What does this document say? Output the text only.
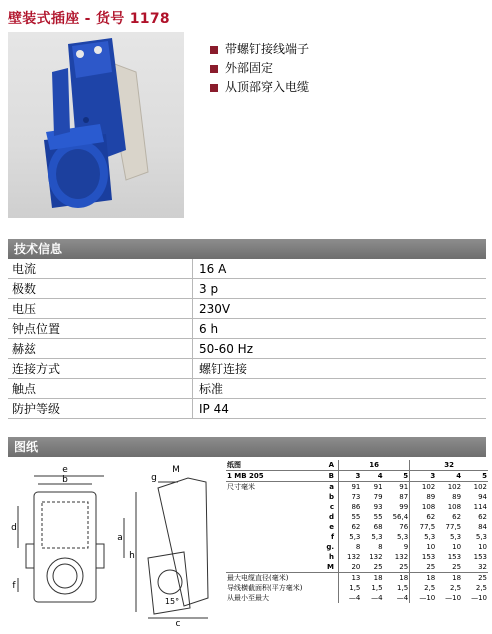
壁装式插座 - 货号 1178
带螺钉接线端子
外部固定
从顶部穿入电缆
技术信息
电流	16 A
极数	3 p
电压	230V
钟点位置	6 h
赫兹	50-60 Hz
连接方式	螺钉连接
触点	标准
防护等级	IP 44
图纸
e
b	g
M
a
d
f
h
c
15°
纸图	A	16			32		
1 MB 205	B	3	4	5	3	4	5
尺寸毫米	a	91	91	91	102	102	102
	b	73	79	87	89	89	94
	c	86	93	99	108	108	114
	d	55	55	56,4	62	62	62
	e	62	68	76	77,5	77,5	84
	f	5,3	5,3	5,3	5,3	5,3	5,3
	g.	8	8	9	10	10	10
	h	132	132	132	153	153	153
	M	20	25	25	25	25	32
最大电缆直径(毫米)		13	18	18	18	18	25
导线横截面积(平方毫米)		1,5	1,5	1,5	2,5	2,5	2,5
从最小至最大		—4	—4	—4	—10	—10	—10
